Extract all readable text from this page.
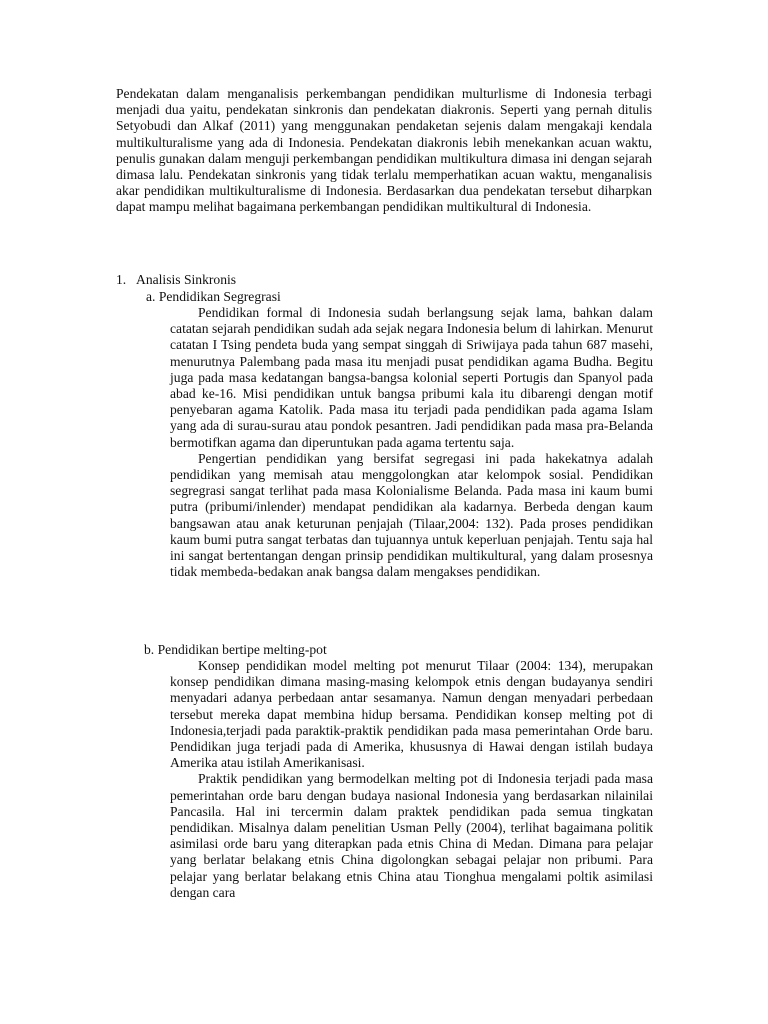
Pendekatan dalam menganalisis perkembangan pendidikan multurlisme di Indonesia terbagi menjadi dua yaitu, pendekatan sinkronis dan pendekatan diakronis. Seperti yang pernah ditulis Setyobudi dan Alkaf (2011) yang menggunakan pendaketan sejenis dalam mengakaji kendala multikulturalisme yang ada di Indonesia. Pendekatan diakronis lebih menekankan acuan waktu, penulis gunakan dalam menguji perkembangan pendidikan multikultura dimasa ini dengan sejarah dimasa lalu. Pendekatan sinkronis yang tidak terlalu memperhatikan acuan waktu, menganalisis akar pendidikan multikulturalisme di Indonesia. Berdasarkan dua pendekatan tersebut diharpkan dapat mampu melihat bagaimana perkembangan pendidikan multikultural di Indonesia.
1. Analisis Sinkronis
a. Pendidikan Segregrasi

Pendidikan formal di Indonesia sudah berlangsung sejak lama, bahkan dalam catatan sejarah pendidikan sudah ada sejak negara Indonesia belum di lahirkan. Menurut catatan I Tsing pendeta buda yang sempat singgah di Sriwijaya pada tahun 687 masehi, menurutnya Palembang pada masa itu menjadi pusat pendidikan agama Budha. Begitu juga pada masa kedatangan bangsa-bangsa kolonial seperti Portugis dan Spanyol pada abad ke-16. Misi pendidikan untuk bangsa pribumi kala itu dibarengi dengan motif penyebaran agama Katolik. Pada masa itu terjadi pada pendidikan pada agama Islam yang ada di surau-surau atau pondok pesantren. Jadi pendidikan pada masa pra-Belanda bermotifkan agama dan diperuntukan pada agama tertentu saja.

Pengertian pendidikan yang bersifat segregasi ini pada hakekatnya adalah pendidikan yang memisah atau menggolongkan atar kelompok sosial. Pendidikan segregrasi sangat terlihat pada masa Kolonialisme Belanda. Pada masa ini kaum bumi putra (pribumi/inlender) mendapat pendidikan ala kadarnya. Berbeda dengan kaum bangsawan atau anak keturunan penjajah (Tilaar,2004: 132). Pada proses pendidikan kaum bumi putra sangat terbatas dan tujuannya untuk keperluan penjajah. Tentu saja hal ini sangat bertentangan dengan prinsip pendidikan multikultural, yang dalam prosesnya tidak membeda-bedakan anak bangsa dalam mengakses pendidikan.

b. Pendidikan bertipe melting-pot

Konsep pendidikan model melting pot menurut Tilaar (2004: 134), merupakan konsep pendidikan dimana masing-masing kelompok etnis dengan budayanya sendiri menyadari adanya perbedaan antar sesamanya. Namun dengan menyadari perbedaan tersebut mereka dapat membina hidup bersama. Pendidikan konsep melting pot di Indonesia,terjadi pada paraktik-praktik pendidikan pada masa pemerintahan Orde baru. Pendidikan juga terjadi pada di Amerika, khususnya di Hawai dengan istilah budaya Amerika atau istilah Amerikanisasi.

Praktik pendidikan yang bermodelkan melting pot di Indonesia terjadi pada masa pemerintahan orde baru dengan budaya nasional Indonesia yang berdasarkan nilainilai Pancasila. Hal ini tercermin dalam praktek pendidikan pada semua tingkatan pendidikan. Misalnya dalam penelitian Usman Pelly (2004), terlihat bagaimana politik asimilasi orde baru yang diterapkan pada etnis China di Medan. Dimana para pelajar yang berlatar belakang etnis China digolongkan sebagai pelajar non pribumi. Para pelajar yang berlatar belakang etnis China atau Tionghua mengalami poltik asimilasi dengan cara
